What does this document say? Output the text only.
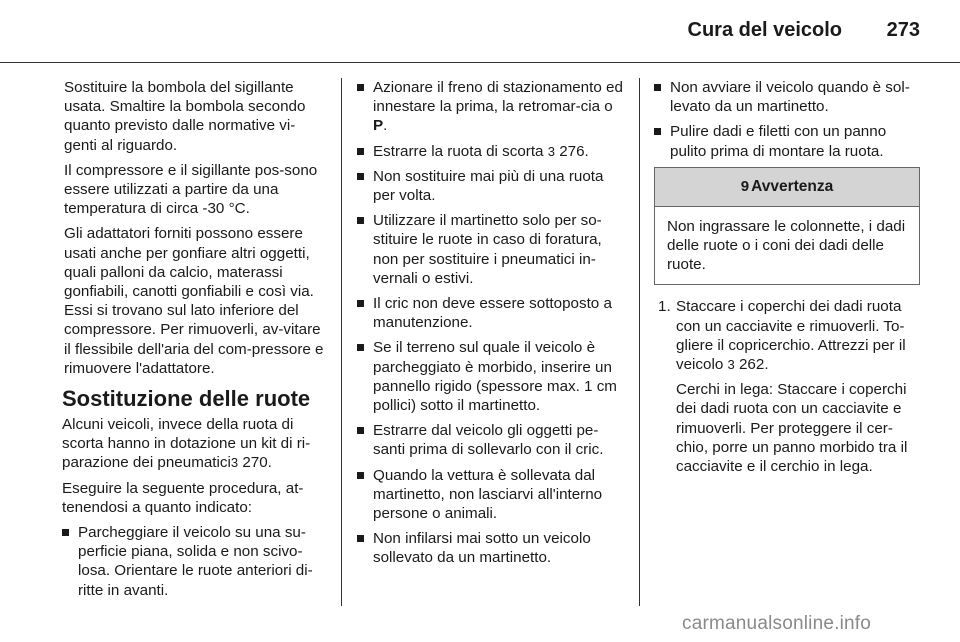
Cura del veicolo 273

Sostituire la bombola del sigillante usata. Smaltire la bombola secondo quanto previsto dalle normative vi-genti al riguardo.

Il compressore e il sigillante pos-sono essere utilizzati a partire da una temperatura di circa -30 °C.

Gli adattatori forniti possono essere usati anche per gonfiare altri oggetti, quali palloni da calcio, materassi gonfiabili, canotti gonfiabili e così via. Essi si trovano sul lato inferiore del compressore. Per rimuoverli, av-vitare il flessibile dell'aria del com-pressore e rimuovere l'adattatore.

Sostituzione delle ruote

Alcuni veicoli, invece della ruota di scorta hanno in dotazione un kit di ri-parazione dei pneumatici3 270.

Eseguire la seguente procedura, at-tenendosi a quanto indicato:

Parcheggiare il veicolo su una su-perficie piana, solida e non scivo-losa. Orientare le ruote anteriori di-ritte in avanti.
Azionare il freno di stazionamento ed innestare la prima, la retromar-cia o P.
Estrarre la ruota di scorta 3 276.
Non sostituire mai più di una ruota per volta.
Utilizzare il martinetto solo per so-stituire le ruote in caso di foratura, non per sostituire i pneumatici in-vernali o estivi.
Il cric non deve essere sottoposto a manutenzione.
Se il terreno sul quale il veicolo è parcheggiato è morbido, inserire un pannello rigido (spessore max. 1 cm pollici) sotto il martinetto.
Estrarre dal veicolo gli oggetti pe-santi prima di sollevarlo con il cric.
Quando la vettura è sollevata dal martinetto, non lasciarvi all'interno persone o animali.
Non infilarsi mai sotto un veicolo sollevato da un martinetto.
Non avviare il veicolo quando è sol-levato da un martinetto.
Pulire dadi e filetti con un panno pulito prima di montare la ruota.
9 Avvertenza
Non ingrassare le colonnette, i dadi delle ruote o i coni dei dadi delle ruote.
1. Staccare i coperchi dei dadi ruota con un cacciavite e rimuoverli. To-gliere il copricerchio. Attrezzi per il veicolo 3 262.
Cerchi in lega: Staccare i coperchi dei dadi ruota con un cacciavite e rimuoverli. Per proteggere il cer-chio, porre un panno morbido tra il cacciavite e il cerchio in lega.
carmanualsonline.info
